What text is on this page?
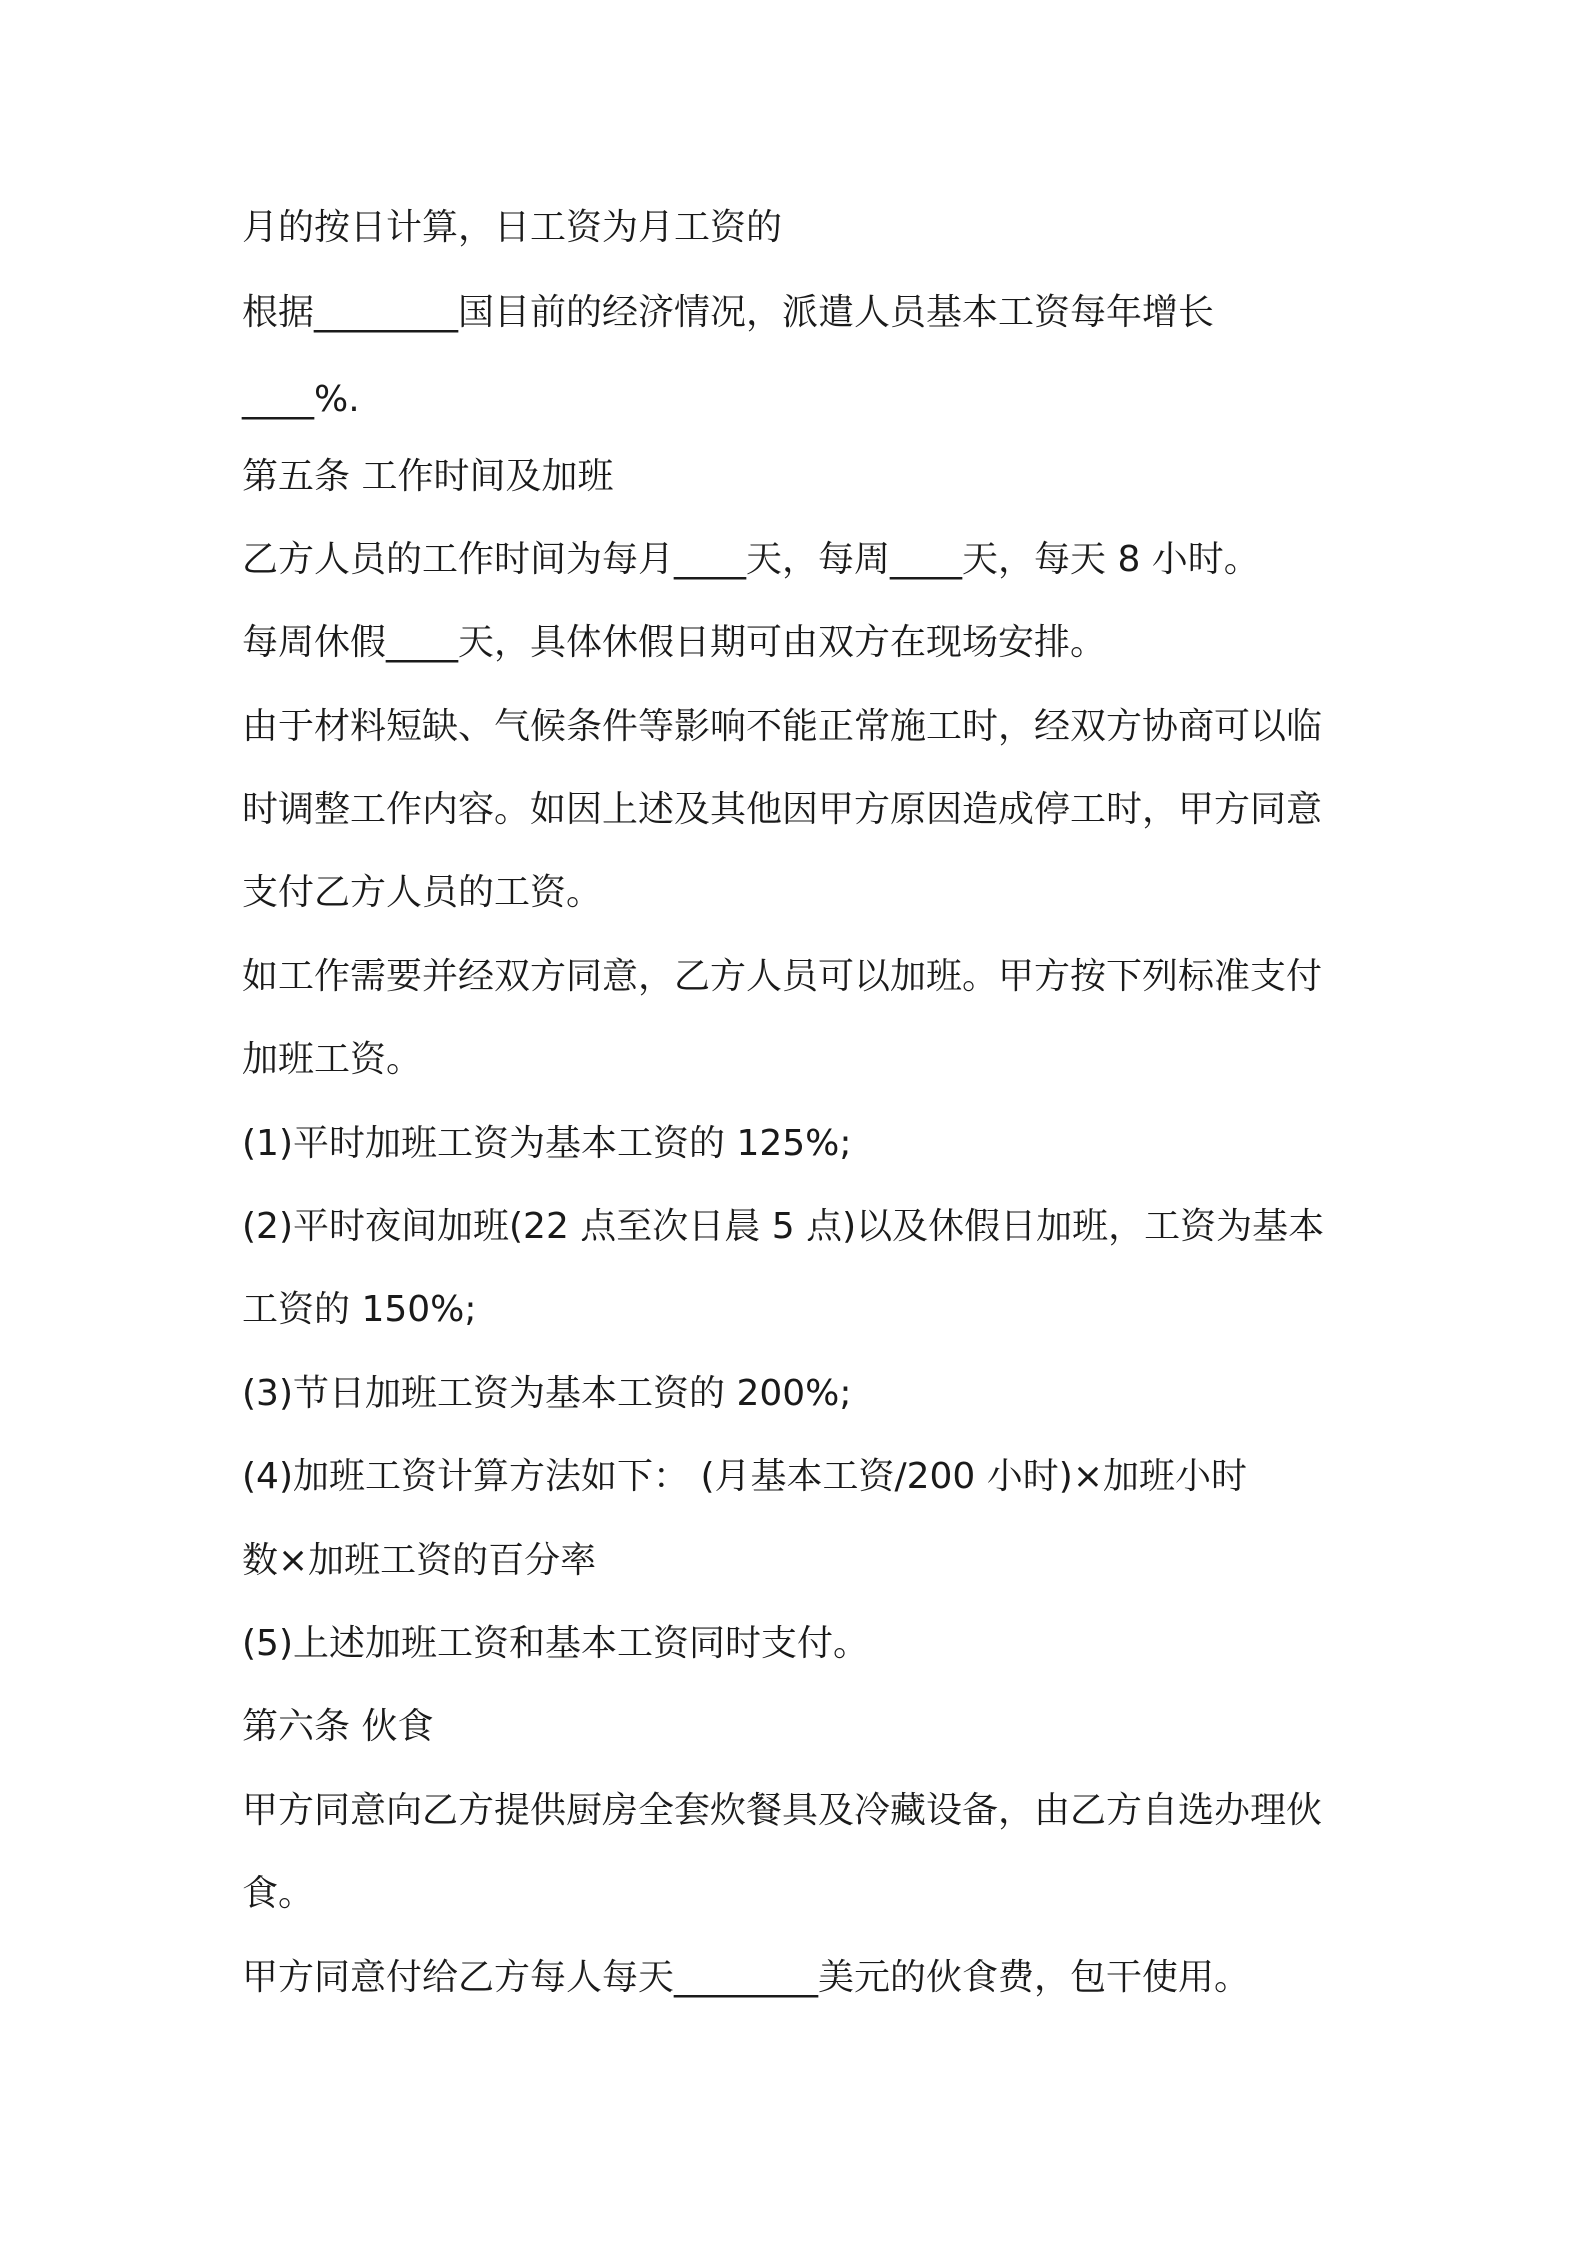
月的按日计算，日工资为月工资的
根据________国目前的经济情况，派遣人员基本工资每年增长
____%.
第五条 工作时间及加班
乙方人员的工作时间为每月____天，每周____天，每天 8 小时。
每周休假____天，具体休假日期可由双方在现场安排。
由于材料短缺、气候条件等影响不能正常施工时，经双方协商可以临
时调整工作内容。如因上述及其他因甲方原因造成停工时，甲方同意
支付乙方人员的工资。
如工作需要并经双方同意，乙方人员可以加班。甲方按下列标准支付
加班工资。
(1)平时加班工资为基本工资的 125%;
(2)平时夜间加班(22 点至次日晨 5 点)以及休假日加班，工资为基本
工资的 150%;
(3)节日加班工资为基本工资的 200%;
(4)加班工资计算方法如下： (月基本工资/200 小时)×加班小时
数×加班工资的百分率
(5)上述加班工资和基本工资同时支付。
第六条 伙食
甲方同意向乙方提供厨房全套炊餐具及冷藏设备，由乙方自选办理伙
食。
甲方同意付给乙方每人每天________美元的伙食费，包干使用。
